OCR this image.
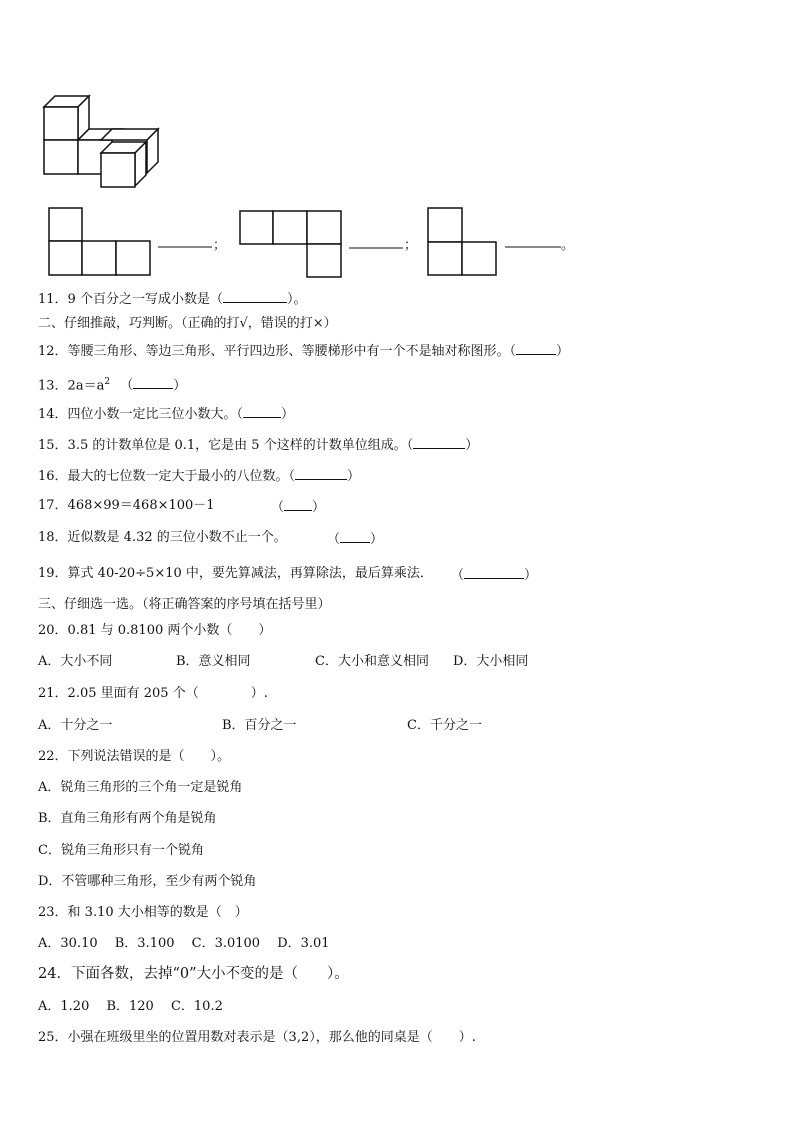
；	；	。
11．9 个百分之一写成小数是（	）。
二、仔细推敲，巧判断。（正确的打√，错误的打×）
12．等腰三角形、等边三角形、平行四边形、等腰梯形中有一个不是轴对称图形。（	）
13．$2a=a^2$ （	）
14．四位小数一定比三位小数大。（	）
15．3.5 的计数单位是 0.1，它是由 5 个这样的计数单位组成。（	）
16．最大的七位数一定大于最小的八位数。（	）
17．468×99＝468×100－1	（ ）
18．近似数是 4.32 的三位小数不止一个。	（ ）
19．算式 40-20÷5×10 中，要先算减法，再算除法，最后算乘法． （	）
三、仔细选一选。（将正确答案的序号填在括号里）
20．0.81 与 0.8100 两个小数（　　）
A．大小不同	B．意义相同	C．大小和意义相同 D．大小相同
21．2.05 里面有 205 个（　　　　）.
A．十分之一	B．百分之一	C．千分之一
22．下列说法错误的是（　　）。
A．锐角三角形的三个角一定是锐角
B．直角三角形有两个角是锐角
C．锐角三角形只有一个锐角
D．不管哪种三角形，至少有两个锐角
23．和 3.10 大小相等的数是（　）
A．30.10　 B．3.100　 C．3.0100　 D．3.01
24．下面各数，去掉“0”大小不变的是（　　）。
A．1.20　 B．120　 C．10.2
25．小强在班级里坐的位置用数对表示是（3,2），那么他的同桌是（　　）.
